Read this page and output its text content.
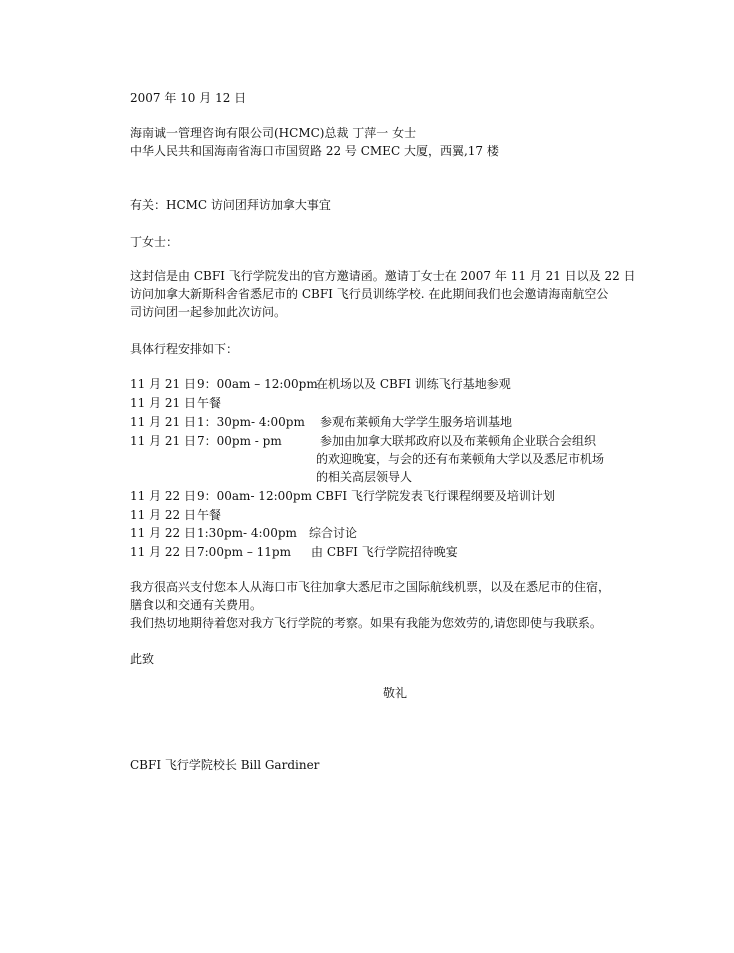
2007 年 10 月 12 日
海南诚一管理咨询有限公司(HCMC)总裁 丁萍一 女士
中华人民共和国海南省海口市国贸路 22 号 CMEC 大厦，西翼,17 楼
有关：HCMC 访问团拜访加拿大事宜
丁女士：
这封信是由 CBFI 飞行学院发出的官方邀请函。邀请丁女士在 2007 年 11 月 21 日以及 22 日
访问加拿大新斯科舍省悉尼市的 CBFI 飞行员训练学校. 在此期间我们也会邀请海南航空公
司访问团一起参加此次访问。
具体行程安排如下：
11 月 21 日 9：00am – 12:00pm
在机场以及 CBFI 训练飞行基地参观
11 月 21 日 午餐
11 月 21 日 1：30pm- 4:00pm 参观布莱顿角大学学生服务培训基地
11 月 21 日 7：00pm - pm	参加由加拿大联邦政府以及布莱顿角企业联合会组织
的欢迎晚宴，与会的还有布莱顿角大学以及悉尼市机场
的相关高层领导人
11 月 22 日 9：00am- 12:00pm CBFI 飞行学院发表飞行课程纲要及培训计划
11 月 22 日 午餐
11 月 22 日 1:30pm- 4:00pm 综合讨论
11 月 22 日 7:00pm – 11pm 由 CBFI 飞行学院招待晚宴
我方很高兴支付您本人从海口市飞往加拿大悉尼市之国际航线机票，以及在悉尼市的住宿，
膳食以和交通有关费用。
我们热切地期待着您对我方飞行学院的考察。如果有我能为您效劳的,请您即使与我联系。
此致
敬礼
CBFI 飞行学院校长 Bill Gardiner
